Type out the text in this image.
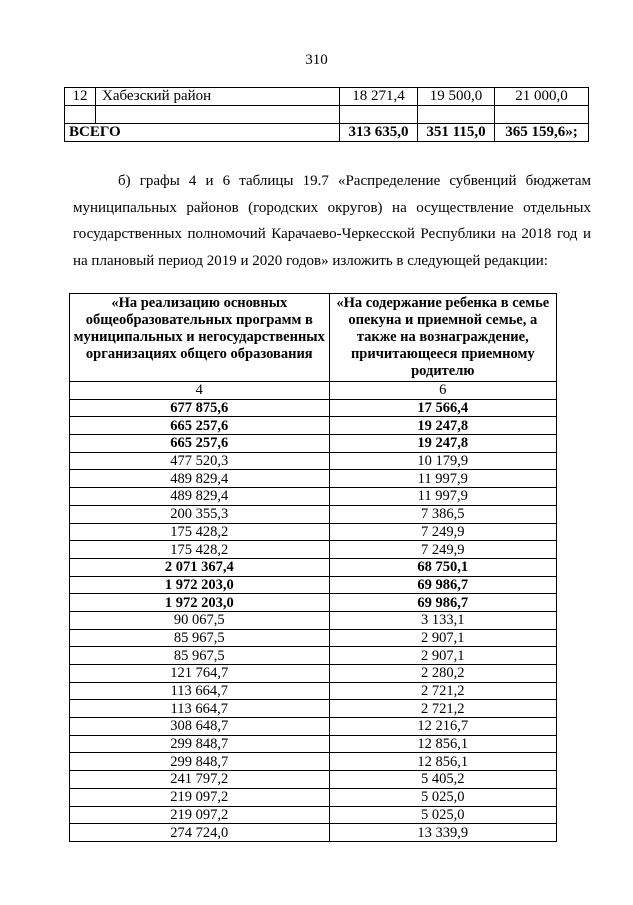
310
12	Хабезский район	18 271,4	19 500,0	21 000,0

ВСЕГО		313 635,0	351 115,0	365 159,6»;
б) графы 4 и 6 таблицы 19.7 «Распределение субвенций бюджетам
муниципальных районов (городских округов) на осуществление отдельных
государственных полномочий Карачаево-Черкесской Республики на 2018 год и
на плановый период 2019 и 2020 годов» изложить в следующей редакции:
«На реализацию основных общеобразовательных программ в муниципальных и негосударственных организациях общего образования	«На содержание ребенка в семье опекуна и приемной семье, а также на вознаграждение, причитающееся приемному родителю
4	6
677 875,6	17 566,4
665 257,6	19 247,8
665 257,6	19 247,8
477 520,3	10 179,9
489 829,4	11 997,9
489 829,4	11 997,9
200 355,3	7 386,5
175 428,2	7 249,9
175 428,2	7 249,9
2 071 367,4	68 750,1
1 972 203,0	69 986,7
1 972 203,0	69 986,7
90 067,5	3 133,1
85 967,5	2 907,1
85 967,5	2 907,1
121 764,7	2 280,2
113 664,7	2 721,2
113 664,7	2 721,2
308 648,7	12 216,7
299 848,7	12 856,1
299 848,7	12 856,1
241 797,2	5 405,2
219 097,2	5 025,0
219 097,2	5 025,0
274 724,0	13 339,9
